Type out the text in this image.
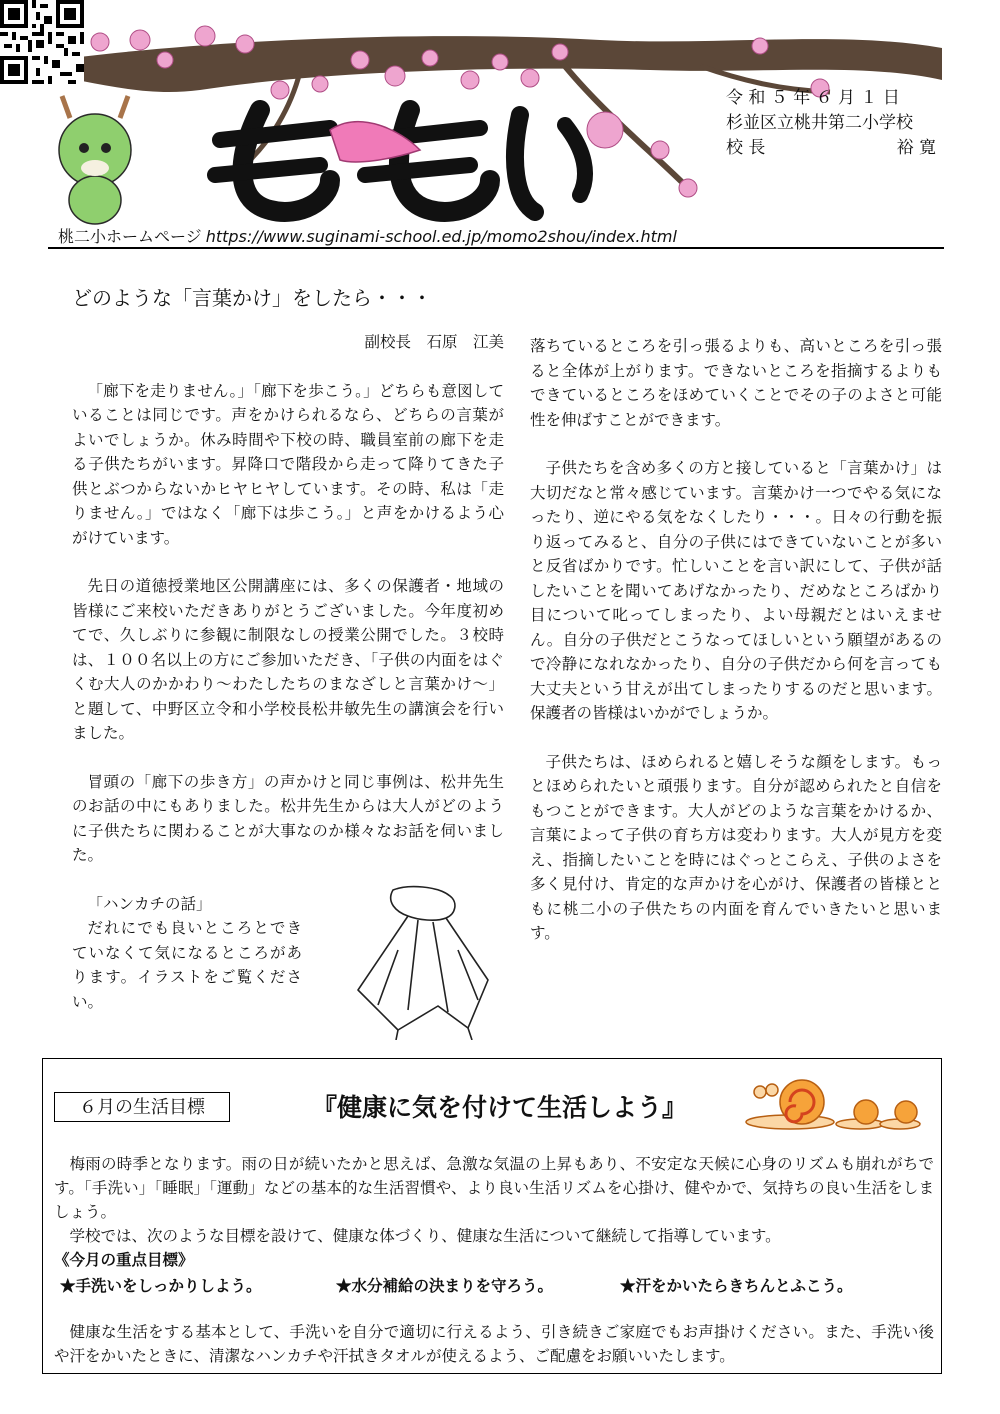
桃二小ホームページ https://www.suginami-school.ed.jp/momo2shou/index.html
令 和 ５ 年 ６ 月 １ 日
杉並区立桃井第二小学校
校 長	裕 寛
どのような「言葉かけ」をしたら・・・

副校長　石原　江美

「廊下を走りません。」「廊下を歩こう。」どちらも意図していることは同じです。声をかけられるなら、どちらの言葉がよいでしょうか。休み時間や下校の時、職員室前の廊下を走る子供たちがいます。昇降口で階段から走って降りてきた子供とぶつからないかヒヤヒヤしています。その時、私は「走りません。」ではなく「廊下は歩こう。」と声をかけるよう心がけています。

先日の道徳授業地区公開講座には、多くの保護者・地域の皆様にご来校いただきありがとうございました。今年度初めてで、久しぶりに参観に制限なしの授業公開でした。３校時は、１００名以上の方にご参加いただき、「子供の内面をはぐくむ大人のかかわり～わたしたちのまなざしと言葉かけ～」と題して、中野区立令和小学校長松井敏先生の講演会を行いました。

冒頭の「廊下の歩き方」の声かけと同じ事例は、松井先生のお話の中にもありました。松井先生からは大人がどのように子供たちに関わることが大事なのか様々なお話を伺いました。

「ハンカチの話」

だれにでも良いところとできていなくて気になるところがあります。イラストをご覧ください。

落ちているところを引っ張るよりも、高いところを引っ張ると全体が上がります。できないところを指摘するよりもできているところをほめていくことでその子のよさと可能性を伸ばすことができます。

子供たちを含め多くの方と接していると「言葉かけ」は大切だなと常々感じています。言葉かけ一つでやる気になったり、逆にやる気をなくしたり・・・。日々の行動を振り返ってみると、自分の子供にはできていないことが多いと反省ばかりです。忙しいことを言い訳にして、子供が話したいことを聞いてあげなかったり、だめなところばかり目について叱ってしまったり、よい母親だとはいえません。自分の子供だとこうなってほしいという願望があるので冷静になれなかったり、自分の子供だから何を言っても大丈夫という甘えが出てしまったりするのだと思います。保護者の皆様はいかがでしょうか。

子供たちは、ほめられると嬉しそうな顔をします。もっとほめられたいと頑張ります。自分が認められたと自信をもつことができます。大人がどのような言葉をかけるか、言葉によって子供の育ち方は変わります。大人が見方を変え、指摘したいことを時にはぐっとこらえ、子供のよさを多く見付け、肯定的な声かけを心がけ、保護者の皆様とともに桃二小の子供たちの内面を育んでいきたいと思います。

６月の生活目標	『健康に気を付けて生活しよう』

梅雨の時季となります。雨の日が続いたかと思えば、急激な気温の上昇もあり、不安定な天候に心身のリズムも崩れがちです。「手洗い」「睡眠」「運動」などの基本的な生活習慣や、より良い生活リズムを心掛け、健やかで、気持ちの良い生活をしましょう。

学校では、次のような目標を設けて、健康な体づくり、健康な生活について継続して指導しています。

《今月の重点目標》

★手洗いをしっかりしよう。	★水分補給の決まりを守ろう。	★汗をかいたらきちんとふこう。

健康な生活をする基本として、手洗いを自分で適切に行えるよう、引き続きご家庭でもお声掛けください。また、手洗い後や汗をかいたときに、清潔なハンカチや汗拭きタオルが使えるよう、ご配慮をお願いいたします。
